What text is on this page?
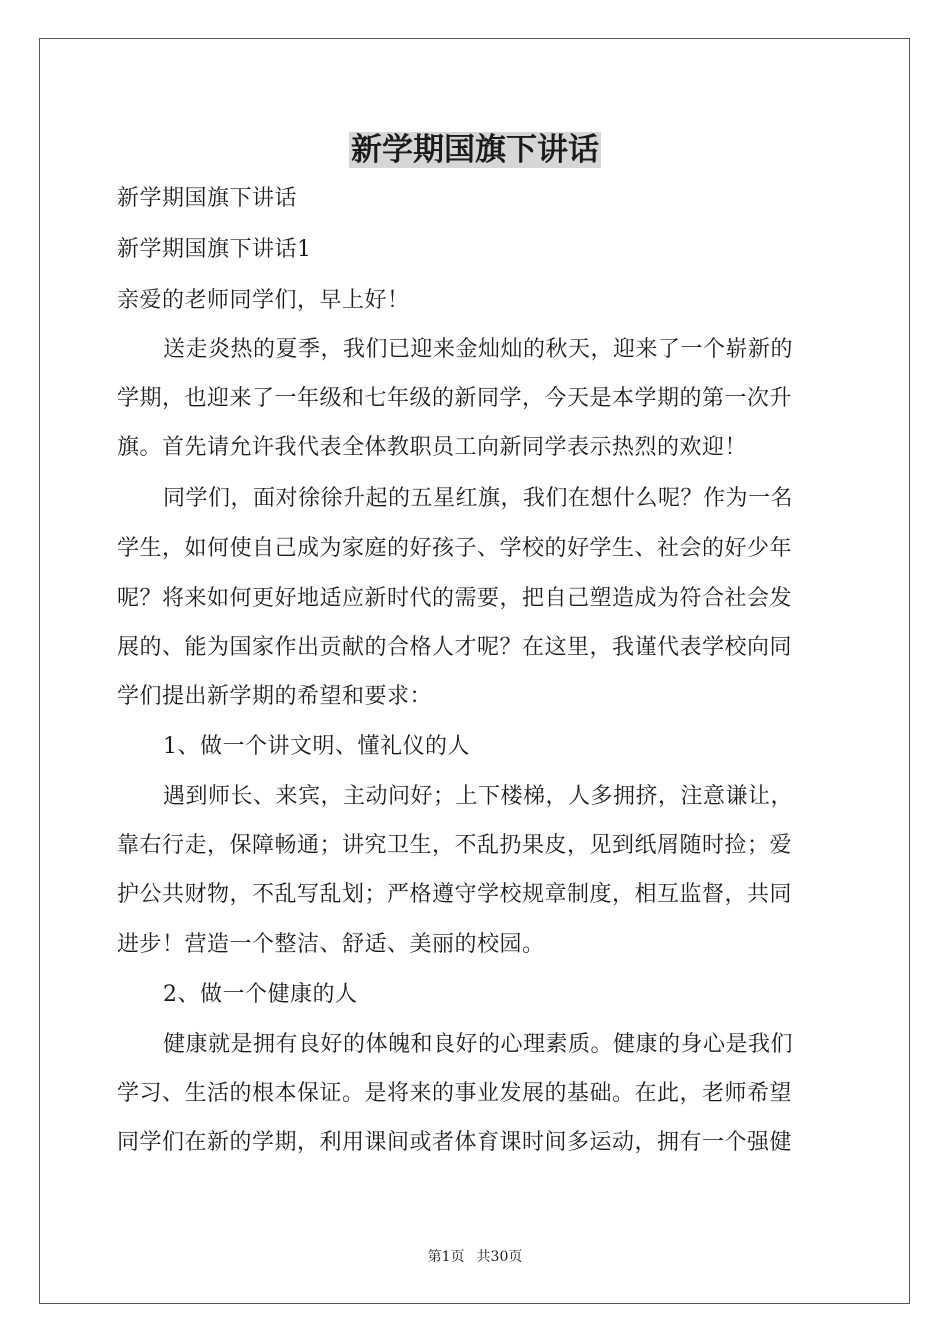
新学期国旗下讲话
新学期国旗下讲话
新学期国旗下讲话1
亲爱的老师同学们，早上好！
送走炎热的夏季，我们已迎来金灿灿的秋天，迎来了一个崭新的
学期，也迎来了一年级和七年级的新同学，今天是本学期的第一次升
旗。首先请允许我代表全体教职员工向新同学表示热烈的欢迎！
同学们，面对徐徐升起的五星红旗，我们在想什么呢？作为一名
学生，如何使自己成为家庭的好孩子、学校的好学生、社会的好少年
呢？将来如何更好地适应新时代的需要，把自己塑造成为符合社会发
展的、能为国家作出贡献的合格人才呢？在这里，我谨代表学校向同
学们提出新学期的希望和要求：
1、做一个讲文明、懂礼仪的人
遇到师长、来宾，主动问好；上下楼梯，人多拥挤，注意谦让，
靠右行走，保障畅通；讲究卫生，不乱扔果皮，见到纸屑随时捡；爱
护公共财物，不乱写乱划；严格遵守学校规章制度，相互监督，共同
进步！营造一个整洁、舒适、美丽的校园。
2、做一个健康的人
健康就是拥有良好的体魄和良好的心理素质。健康的身心是我们
学习、生活的根本保证。是将来的事业发展的基础。在此，老师希望
同学们在新的学期，利用课间或者体育课时间多运动，拥有一个强健
第1页 共30页
